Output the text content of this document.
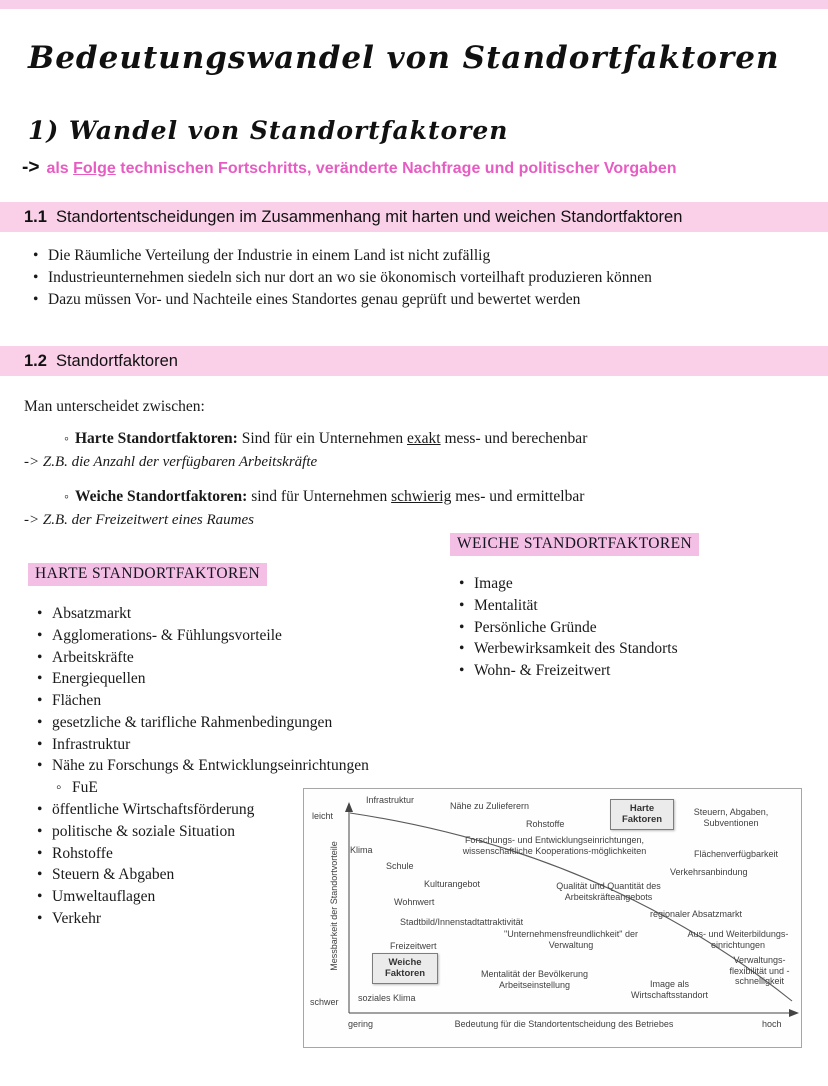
Bedeutungswandel von Standortfaktoren
1) Wandel von Standortfaktoren

-> als Folge technischen Fortschritts, veränderte Nachfrage und politischer Vorgaben

1.1 Standortentscheidungen im Zusammenhang mit harten und weichen Standortfaktoren
• Die Räumliche Verteilung der Industrie in einem Land ist nicht zufällig
• Industrieunternehmen siedeln sich nur dort an wo sie ökonomisch vorteilhaft produzieren können
• Dazu müssen Vor- und Nachteile eines Standortes genau geprüft und bewertet werden
1.2 Standortfaktoren

Man unterscheidet zwischen:

◦ Harte Standortfaktoren: Sind für ein Unternehmen exakt mess- und berechenbar

-> Z.B. die Anzahl der verfügbaren Arbeitskräfte

◦ Weiche Standortfaktoren: sind für Unternehmen schwierig mes- und ermittelbar

-> Z.B. der Freizeitwert eines Raumes

WEICHE STANDORTFAKTOREN
• Image
• Mentalität
• Persönliche Gründe
• Werbewirksamkeit des Standorts
• Wohn- & Freizeitwert
HARTE STANDORTFAKTOREN
• Absatzmarkt
• Agglomerations- & Fühlungsvorteile
• Arbeitskräfte
• Energiequellen
• Flächen
• gesetzliche & tarifliche Rahmenbedingungen
• Infrastruktur
• Nähe zu Forschungs & Entwicklungseinrichtungen
◦ FuE
• öffentliche Wirtschaftsförderung
• politische & soziale Situation
• Rohstoffe
• Steuern & Abgaben
• Umweltauflagen
• Verkehr	Messbarkeit der Standortvorteile
leicht
schwer
gering	Bedeutung für die Standortentscheidung des Betriebes	hoch
Harte Faktoren
Weiche Faktoren
Infrastruktur
Nähe zu Zulieferern
Rohstoffe
Steuern, Abgaben, Subventionen
Klima
Forschungs- und Entwicklungseinrichtungen, wissenschaftliche Kooperations-möglichkeiten	Flächenverfügbarkeit
Schule
Verkehrsanbindung
Kulturangebot	Qualität und Quantität des Arbeitskräfteangebots
Wohnwert
regionaler Absatzmarkt
Stadtbild/Innenstadtattraktivität
"Unternehmensfreundlichkeit" der Verwaltung
Aus- und Weiterbildungs-einrichtungen
Freizeitwert
Mentalität der Bevölkerung Arbeitseinstellung
Verwaltungs-flexibilität und -schnelligkeit
Image als Wirtschaftsstandort
soziales Klima
